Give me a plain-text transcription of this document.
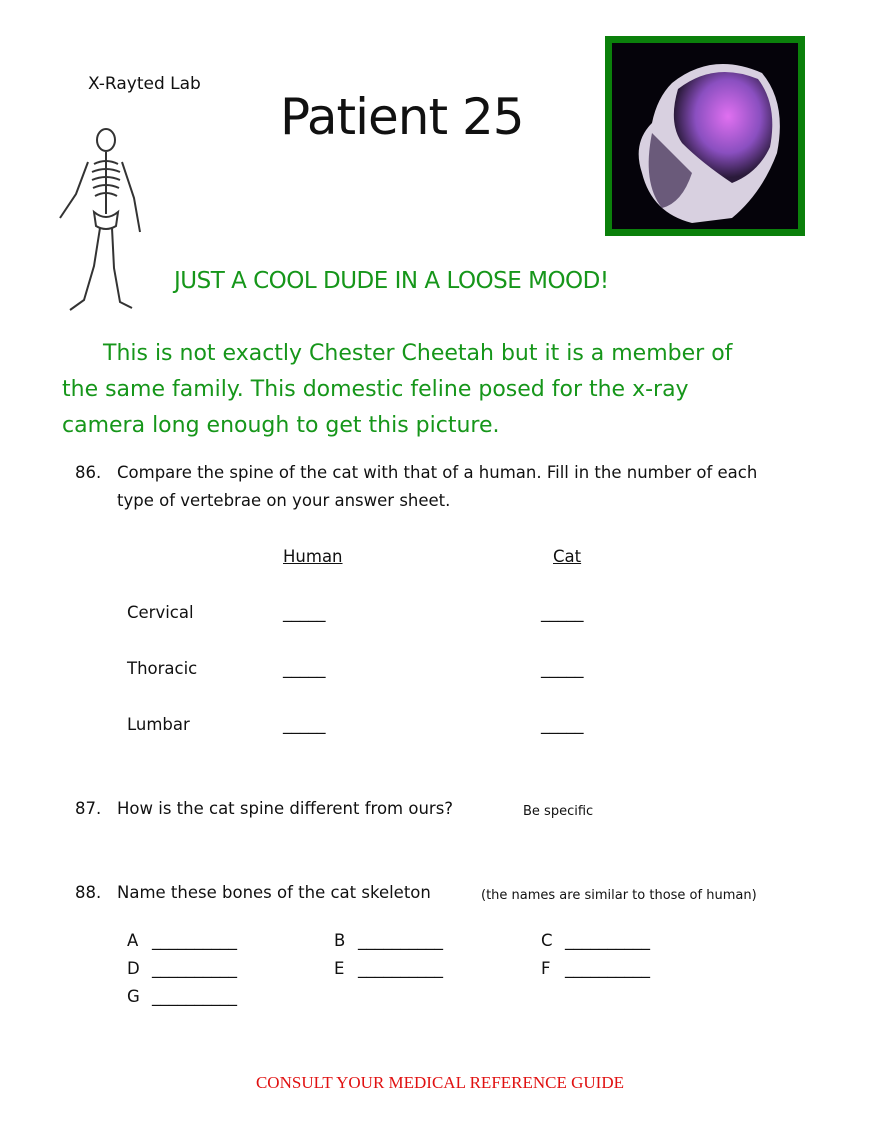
X-Rayted Lab
Patient 25
JUST A COOL DUDE IN A LOOSE MOOD!
This is not exactly Chester Cheetah but it is a member of
the same family. This domestic feline posed for the x-ray
camera long enough to get this picture.
86. Compare the spine of the cat with that of a human. Fill in the number of each
type of vertebrae on your answer sheet.
Human	Cat
Cervical	_____	_____
Thoracic	_____	_____
Lumbar	_____	_____
87. How is the cat spine different from ours?	Be specific
88. Name these bones of the cat skeleton	(the names are similar to those of human)
A __________	B __________	C __________
D __________	E __________	F __________
G __________
CONSULT YOUR MEDICAL REFERENCE GUIDE
